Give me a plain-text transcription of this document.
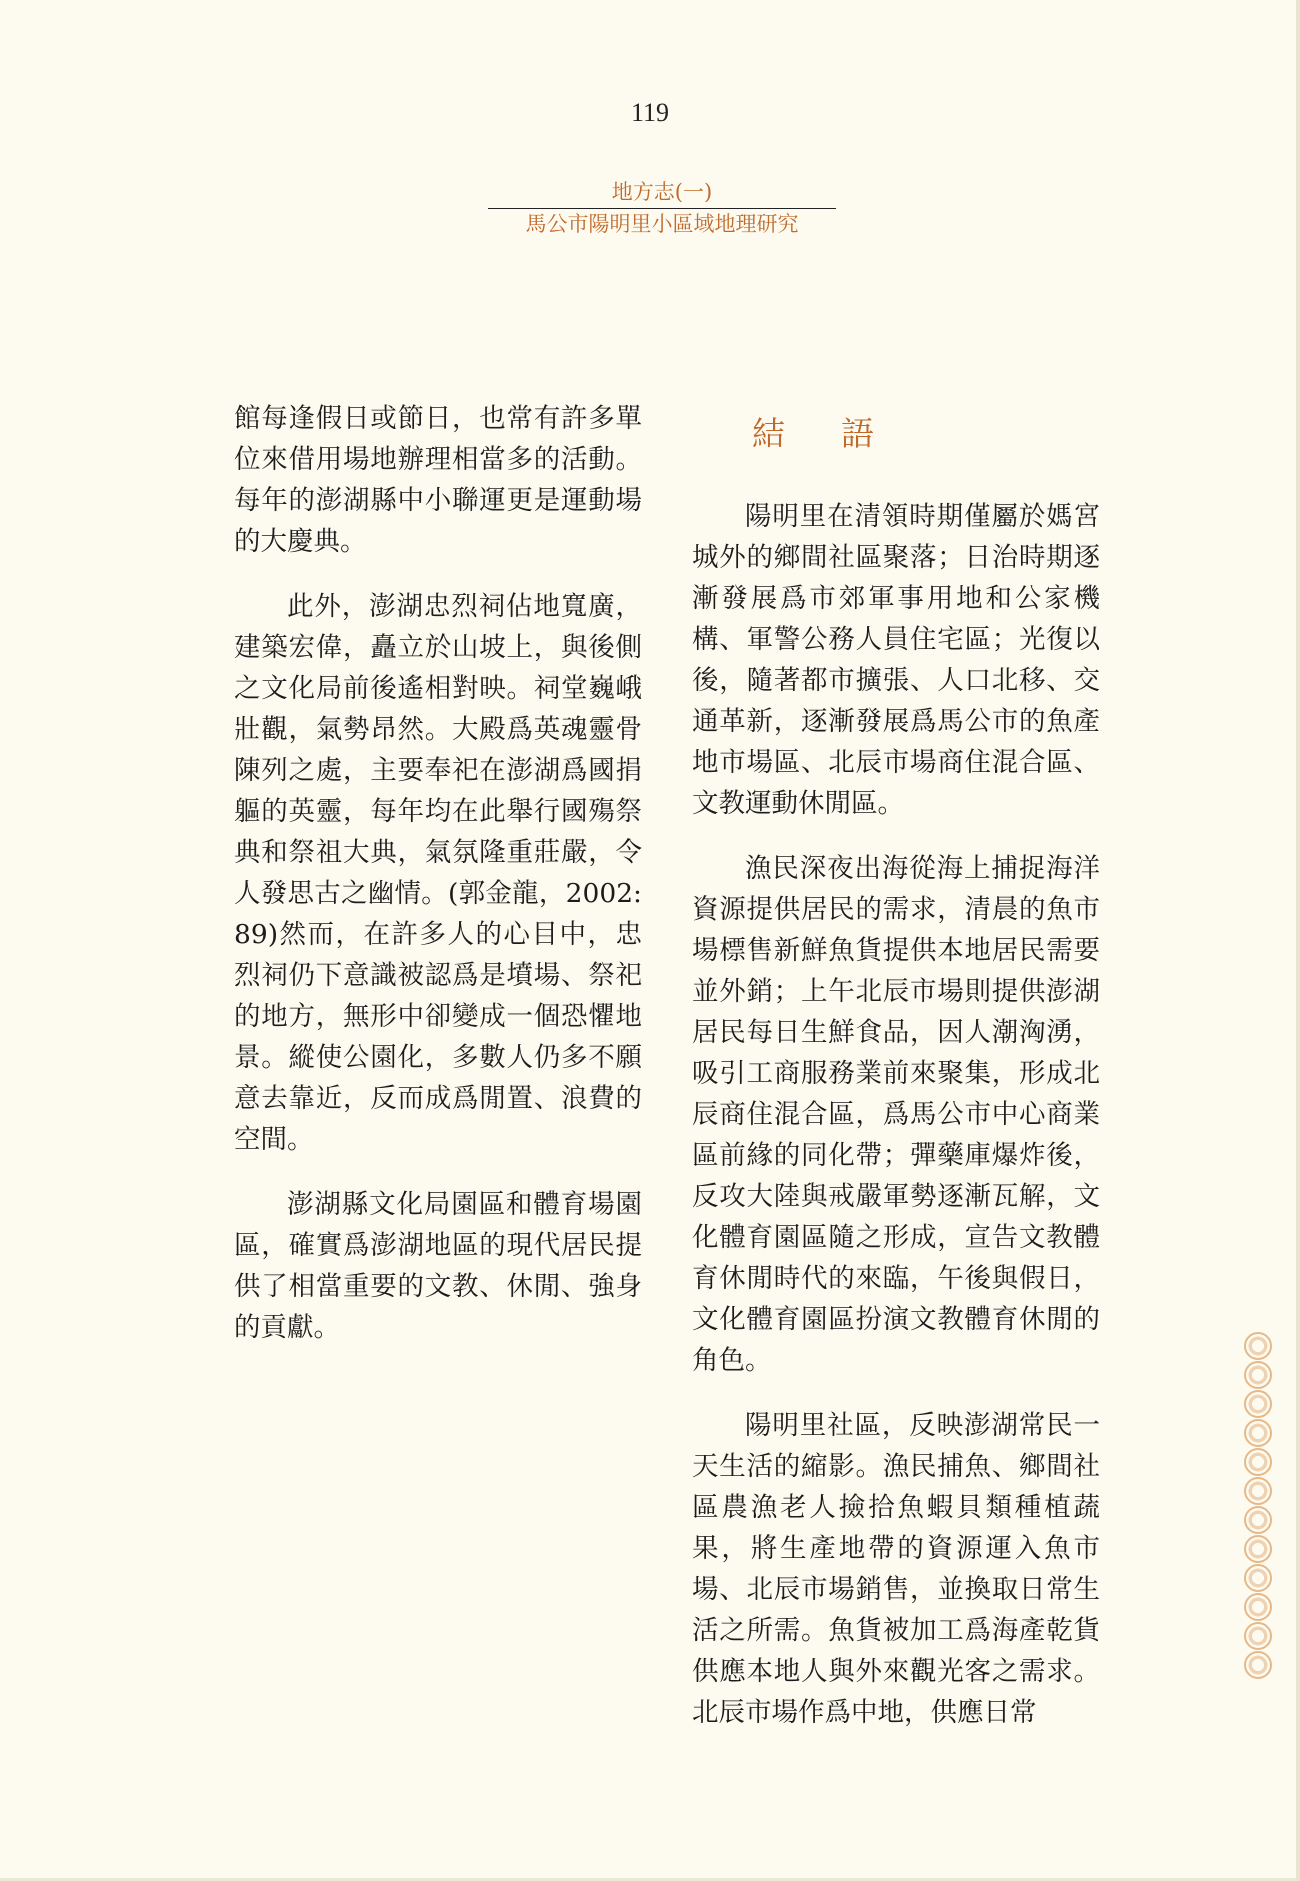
119
地方志(一)
馬公市陽明里小區域地理研究

館每逢假日或節日，也常有許多單位來借用場地辦理相當多的活動。每年的澎湖縣中小聯運更是運動場的大慶典。

此外，澎湖忠烈祠佔地寬廣，建築宏偉，矗立於山坡上，與後側之文化局前後遙相對映。祠堂巍峨壯觀，氣勢昂然。大殿爲英魂靈骨陳列之處，主要奉祀在澎湖爲國捐軀的英靈，每年均在此舉行國殤祭典和祭祖大典，氣氛隆重莊嚴，令人發思古之幽情。(郭金龍，2002:89)然而，在許多人的心目中，忠烈祠仍下意識被認爲是墳場、祭祀的地方，無形中卻變成一個恐懼地景。縱使公園化，多數人仍多不願意去靠近，反而成爲閒置、浪費的空間。

澎湖縣文化局園區和體育場園區，確實爲澎湖地區的現代居民提供了相當重要的文教、休閒、強身的貢獻。

結語

陽明里在清領時期僅屬於媽宮城外的鄉間社區聚落；日治時期逐漸發展爲市郊軍事用地和公家機構、軍警公務人員住宅區；光復以後，隨著都市擴張、人口北移、交通革新，逐漸發展爲馬公市的魚產地市場區、北辰市場商住混合區、文教運動休閒區。

漁民深夜出海從海上捕捉海洋資源提供居民的需求，清晨的魚市場標售新鮮魚貨提供本地居民需要並外銷；上午北辰市場則提供澎湖居民每日生鮮食品，因人潮洶湧，吸引工商服務業前來聚集，形成北辰商住混合區，爲馬公市中心商業區前緣的同化帶；彈藥庫爆炸後，反攻大陸與戒嚴軍勢逐漸瓦解，文化體育園區隨之形成，宣告文教體育休閒時代的來臨，午後與假日，文化體育園區扮演文教體育休閒的角色。

陽明里社區，反映澎湖常民一天生活的縮影。漁民捕魚、鄉間社區農漁老人撿拾魚蝦貝類種植蔬果，將生產地帶的資源運入魚市場、北辰市場銷售，並換取日常生活之所需。魚貨被加工爲海產乾貨供應本地人與外來觀光客之需求。北辰市場作爲中地，供應日常
